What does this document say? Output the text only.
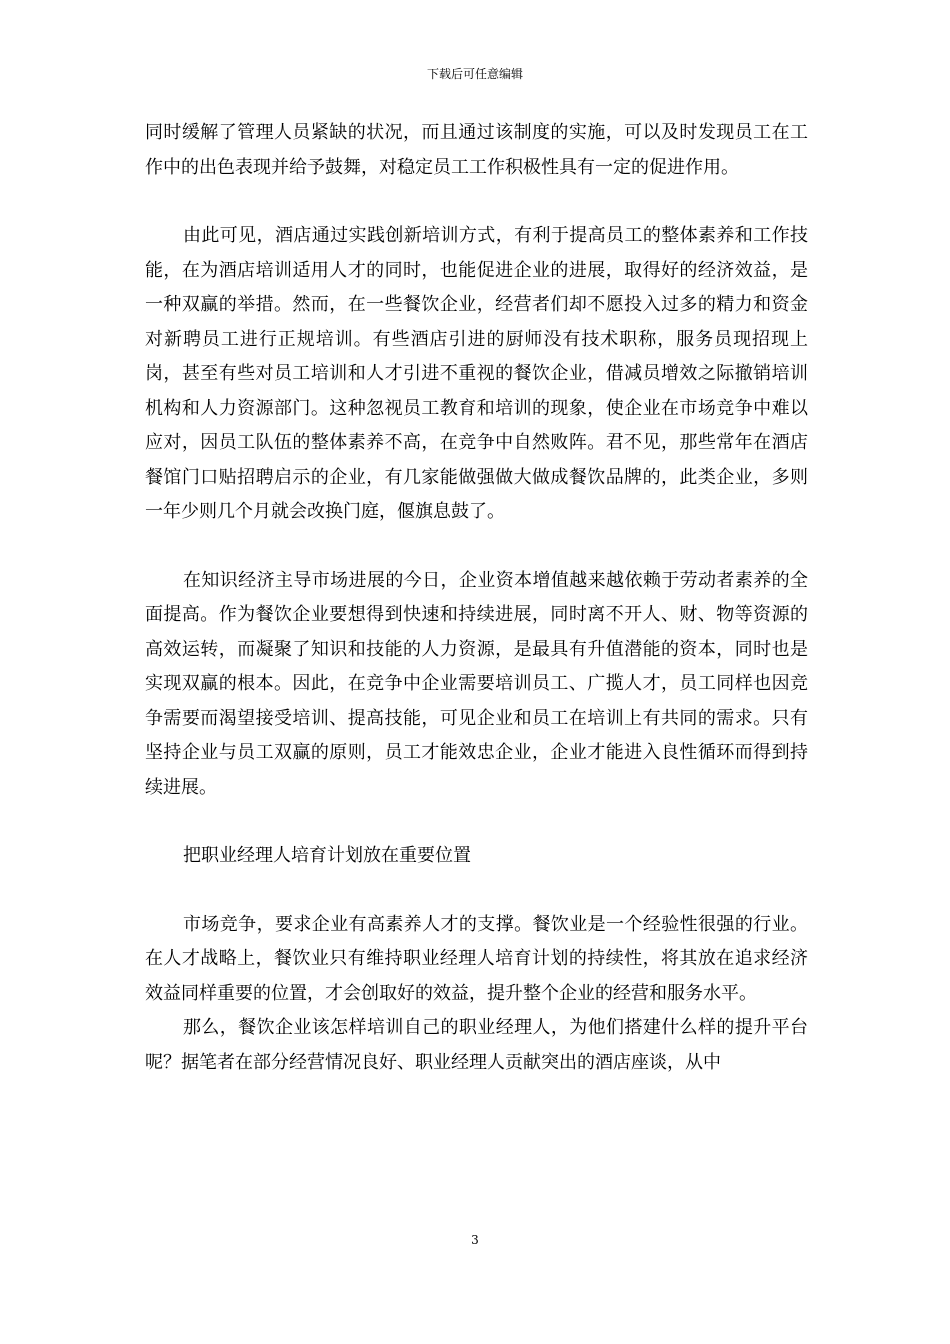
下载后可任意编辑

同时缓解了管理人员紧缺的状况，而且通过该制度的实施，可以及时发现员工在工作中的出色表现并给予鼓舞，对稳定员工工作积极性具有一定的促进作用。

由此可见，酒店通过实践创新培训方式，有利于提高员工的整体素养和工作技能，在为酒店培训适用人才的同时，也能促进企业的进展，取得好的经济效益，是一种双赢的举措。然而，在一些餐饮企业，经营者们却不愿投入过多的精力和资金对新聘员工进行正规培训。有些酒店引进的厨师没有技术职称，服务员现招现上岗，甚至有些对员工培训和人才引进不重视的餐饮企业，借减员增效之际撤销培训机构和人力资源部门。这种忽视员工教育和培训的现象，使企业在市场竞争中难以应对，因员工队伍的整体素养不高，在竞争中自然败阵。君不见，那些常年在酒店餐馆门口贴招聘启示的企业，有几家能做强做大做成餐饮品牌的，此类企业，多则一年少则几个月就会改换门庭，偃旗息鼓了。

在知识经济主导市场进展的今日，企业资本增值越来越依赖于劳动者素养的全面提高。作为餐饮企业要想得到快速和持续进展，同时离不开人、财、物等资源的高效运转，而凝聚了知识和技能的人力资源，是最具有升值潜能的资本，同时也是实现双赢的根本。因此，在竞争中企业需要培训员工、广揽人才，员工同样也因竞争需要而渴望接受培训、提高技能，可见企业和员工在培训上有共同的需求。只有坚持企业与员工双赢的原则，员工才能效忠企业，企业才能进入良性循环而得到持续进展。

把职业经理人培育计划放在重要位置

市场竞争，要求企业有高素养人才的支撑。餐饮业是一个经验性很强的行业。在人才战略上，餐饮业只有维持职业经理人培育计划的持续性，将其放在追求经济效益同样重要的位置，才会创取好的效益，提升整个企业的经营和服务水平。

那么，餐饮企业该怎样培训自己的职业经理人，为他们搭建什么样的提升平台呢？据笔者在部分经营情况良好、职业经理人贡献突出的酒店座谈，从中

3
